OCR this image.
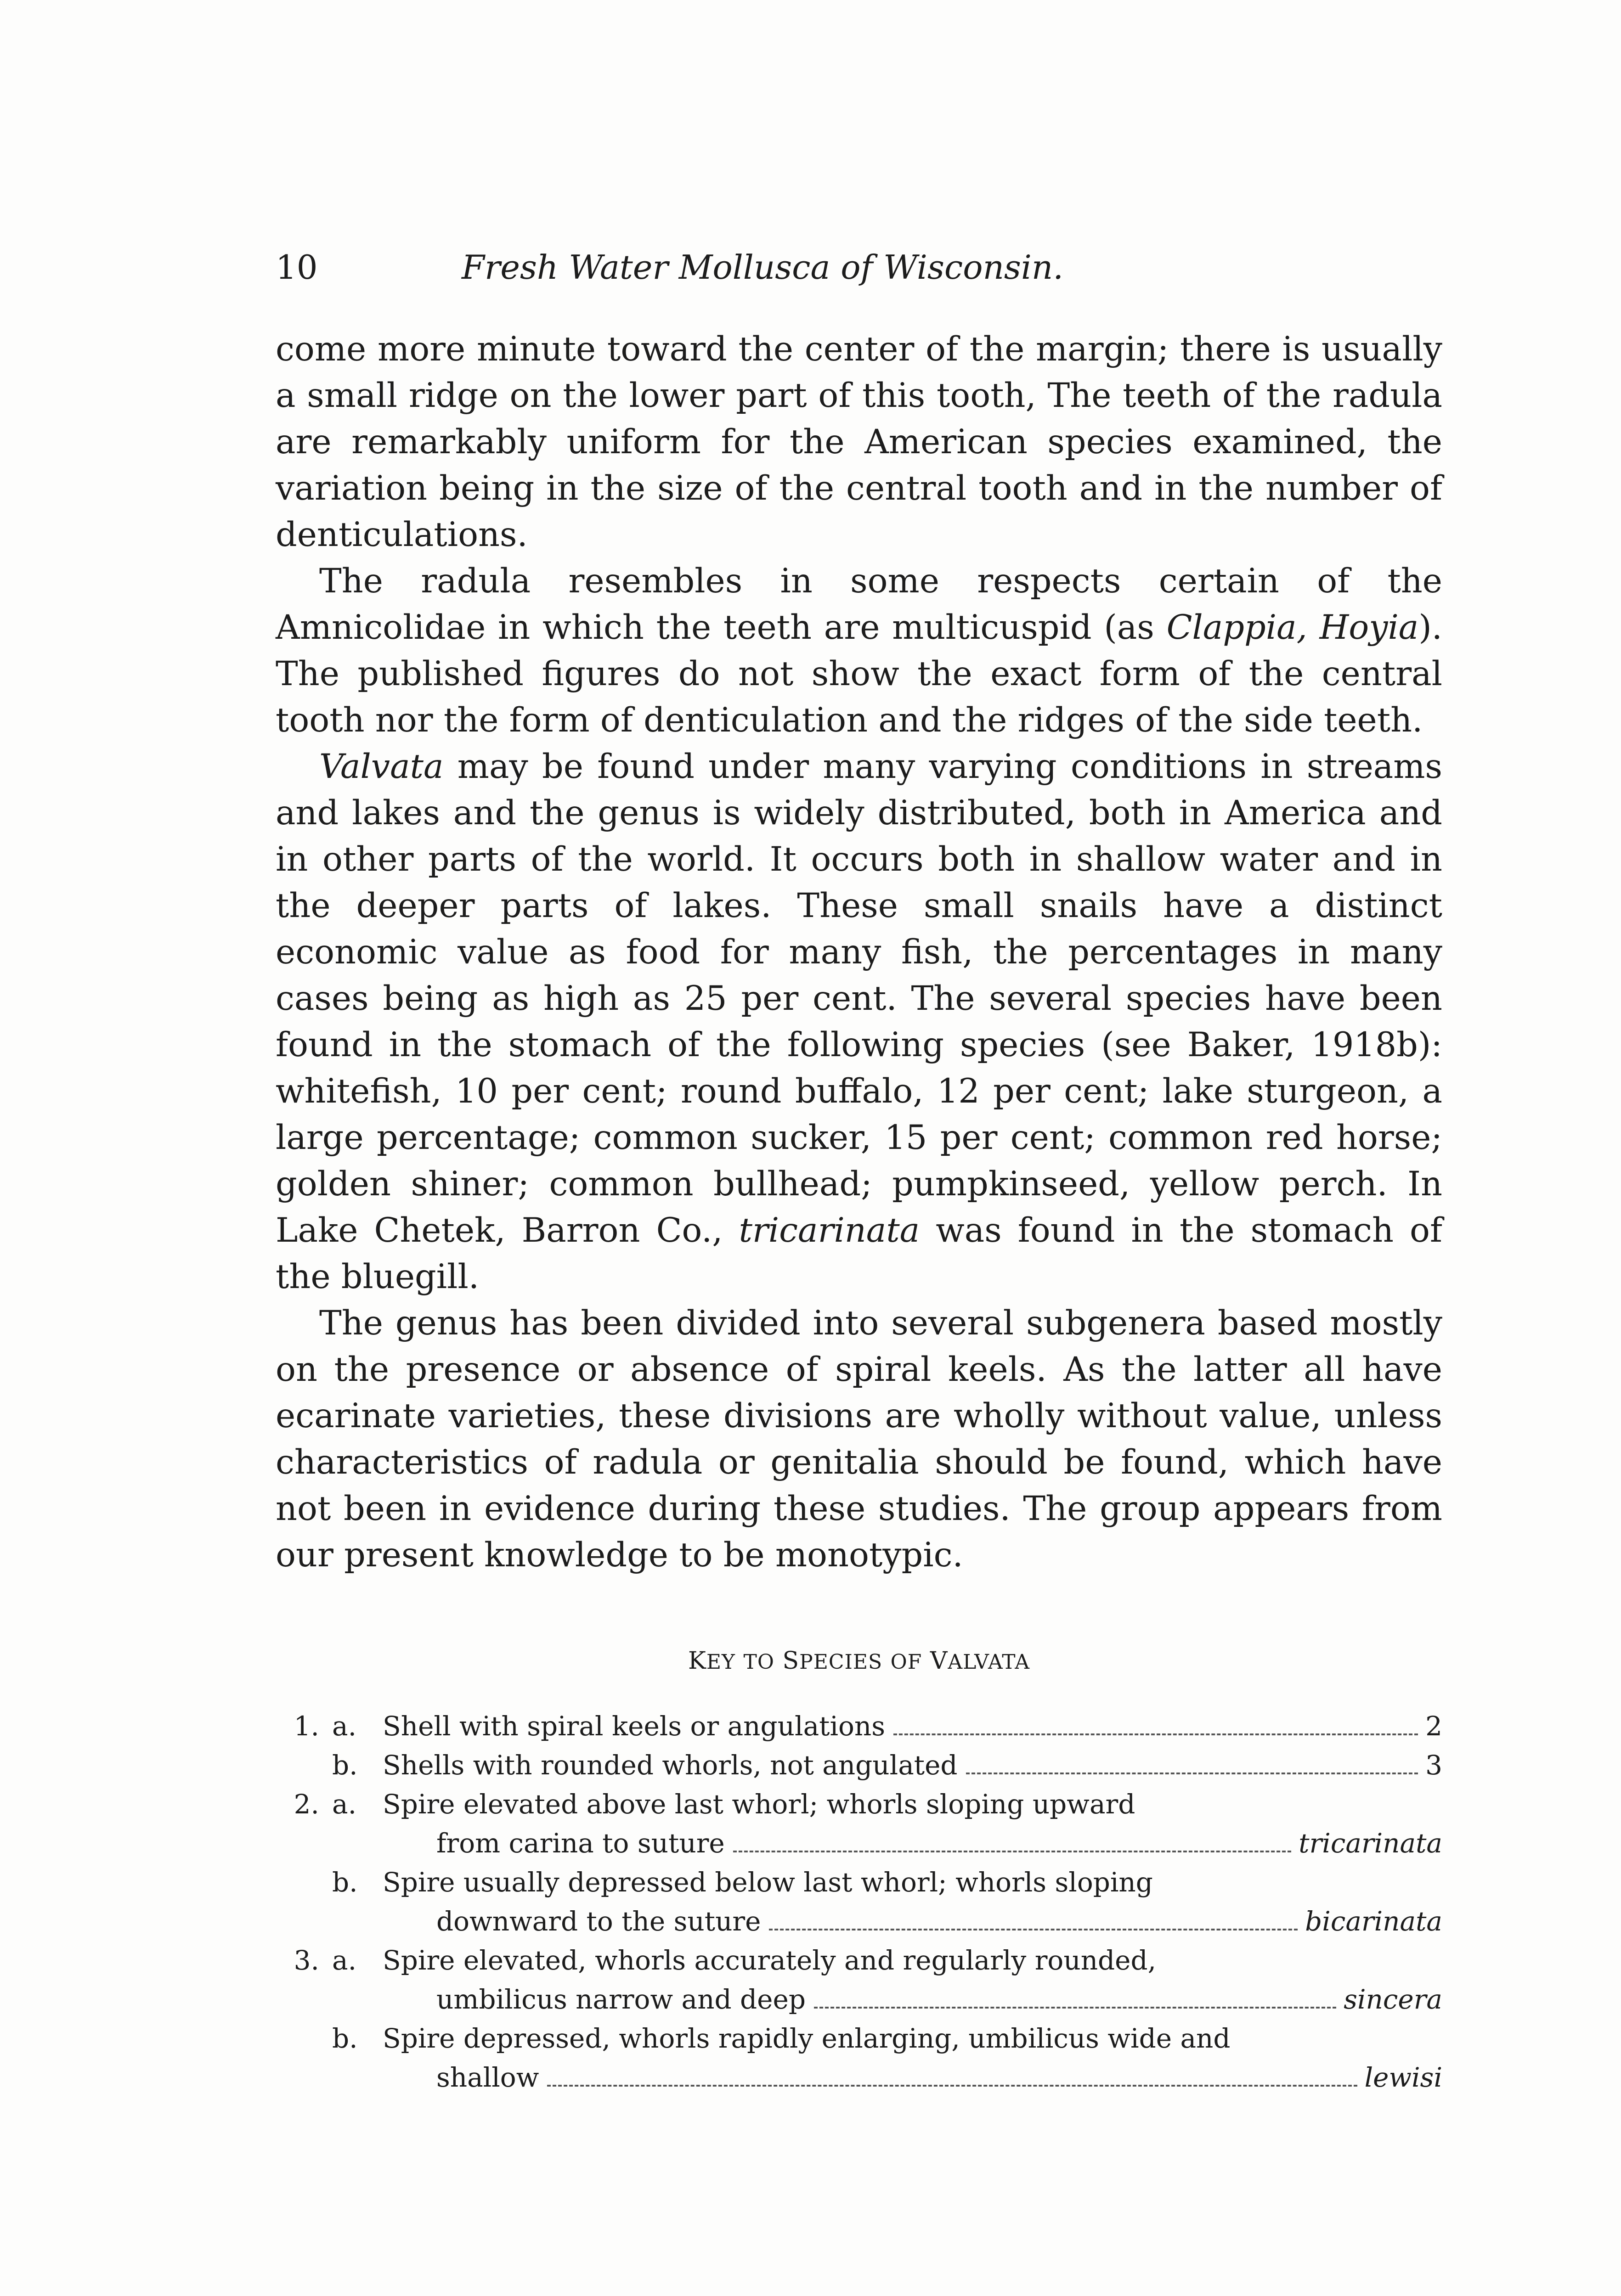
10	Fresh Water Mollusca of Wisconsin.

come more minute toward the center of the margin; there is usually a small ridge on the lower part of this tooth, The teeth of the radula are remarkably uniform for the American species examined, the variation being in the size of the central tooth and in the number of denticulations.

The radula resembles in some respects certain of the Amnicolidae in which the teeth are multicuspid (as Clappia, Hoyia). The published figures do not show the exact form of the central tooth nor the form of denticulation and the ridges of the side teeth.

Valvata may be found under many varying conditions in streams and lakes and the genus is widely distributed, both in America and in other parts of the world. It occurs both in shallow water and in the deeper parts of lakes. These small snails have a distinct economic value as food for many fish, the percentages in many cases being as high as 25 per cent. The several species have been found in the stomach of the following species (see Baker, 1918b): whitefish, 10 per cent; round buffalo, 12 per cent; lake sturgeon, a large percentage; common sucker, 15 per cent; common red horse; golden shiner; common bullhead; pumpkinseed, yellow perch. In Lake Chetek, Barron Co., tricarinata was found in the stomach of the bluegill.

The genus has been divided into several subgenera based mostly on the presence or absence of spiral keels. As the latter all have ecarinate varieties, these divisions are wholly without value, unless characteristics of radula or genitalia should be found, which have not been in evidence during these studies. The group appears from our present knowledge to be monotypic.

KEY TO SPECIES OF VALVATA
1. a. Shell with spiral keels or angulations	2
b. Shells with rounded whorls, not angulated	3
2. a. Spire elevated above last whorl; whorls sloping upward
from carina to suture	tricarinata
b. Spire usually depressed below last whorl; whorls sloping
downward to the suture	bicarinata
3. a. Spire elevated, whorls accurately and regularly rounded,
umbilicus narrow and deep	sincera
b. Spire depressed, whorls rapidly enlarging, umbilicus wide and
shallow	lewisi
